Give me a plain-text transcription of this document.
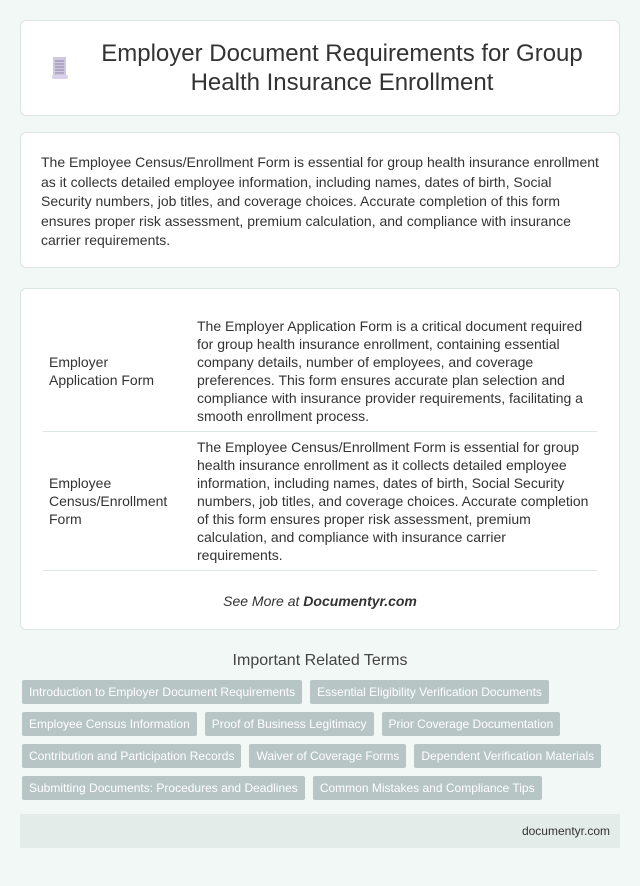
Employer Document Requirements for Group Health Insurance Enrollment
The Employee Census/Enrollment Form is essential for group health insurance enrollment as it collects detailed employee information, including names, dates of birth, Social Security numbers, job titles, and coverage choices. Accurate completion of this form ensures proper risk assessment, premium calculation, and compliance with insurance carrier requirements.
Employer Application Form	The Employer Application Form is a critical document required for group health insurance enrollment, containing essential company details, number of employees, and coverage preferences. This form ensures accurate plan selection and compliance with insurance provider requirements, facilitating a smooth enrollment process.
Employee Census/Enrollment Form	The Employee Census/Enrollment Form is essential for group health insurance enrollment as it collects detailed employee information, including names, dates of birth, Social Security numbers, job titles, and coverage choices. Accurate completion of this form ensures proper risk assessment, premium calculation, and compliance with insurance carrier requirements.
See More at Documentyr.com
Important Related Terms
Introduction to Employer Document Requirements	Essential Eligibility Verification Documents
Employee Census Information	Proof of Business Legitimacy	Prior Coverage Documentation
Contribution and Participation Records	Waiver of Coverage Forms	Dependent Verification Materials
Submitting Documents: Procedures and Deadlines	Common Mistakes and Compliance Tips
documentyr.com
